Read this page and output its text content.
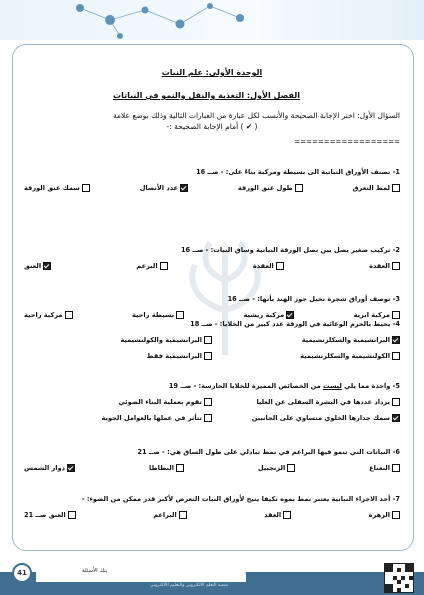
الوحدة الأولى: علم النبات
الفصل الأول: التغذية والنقل والنمو في النباتات
السؤال الأول: اختر الإجابة الصحيحة والأنسب لكل عبارة من العبارات التالية وذلك بوضع علامة
( ✔ ) أمام الإجابة الصحيحة :-
==================
1- تصنف الأوراق النباتية الى بسيطة ومركبة بناءً على: - صــ 16
لمط التعرق
طول عنق الورقة
عدد الأنصال
سمك عنق الورقة
2- تركيب صغير يصل بين نصل الورقة النباتية وساق النبات: - صــ 16
العقدة
العقدة
البرعم
العنق
3- توصف أوراق شجرة نخيل جوز الهند بأنها: - صــ 16
مركبة ابرية
مركبة ريشية
بسيطة راحية
مركبة راحية
4- يحيط بالحزم الوعائية في الورقة عدد كبير من الخلايا: - صــ 18
البرانشيمية والسكلرنشيمية
البرانشيمية والكولنشيمية
الكولنشيمية والسكلرنشيمية
البرانشيمية فقط
5- واحدة مما يلي ليست من الخصائص المميزة للخلايا الحارسة: - صــ 19
يزداد عددها في البشرة السفلى عن العليا
تقوم بعملية البناء الضوئي
سمك جدارها الخلوي متساوي على الجانبين
تتأثر في عملها بالعوامل الجوية
6- النباتات التي تنمو فيها البراعم في نمط تبادلي على طول الساق هي: - صــ 21
النعناع
الزنجبيل
البطاطا
دوار الشمس
7- أحد الاجزاء النباتية يعتبر نمط نموه تكيفا يتيح لأوراق النبات التعرض لأكبر قدر ممكن من الضوء: -
الزهرة
العقد
البراعم
العنق صــ 21
بنك الأسئلة
41
منصة التعلم الالكتروني والتعليم الالكتروني
